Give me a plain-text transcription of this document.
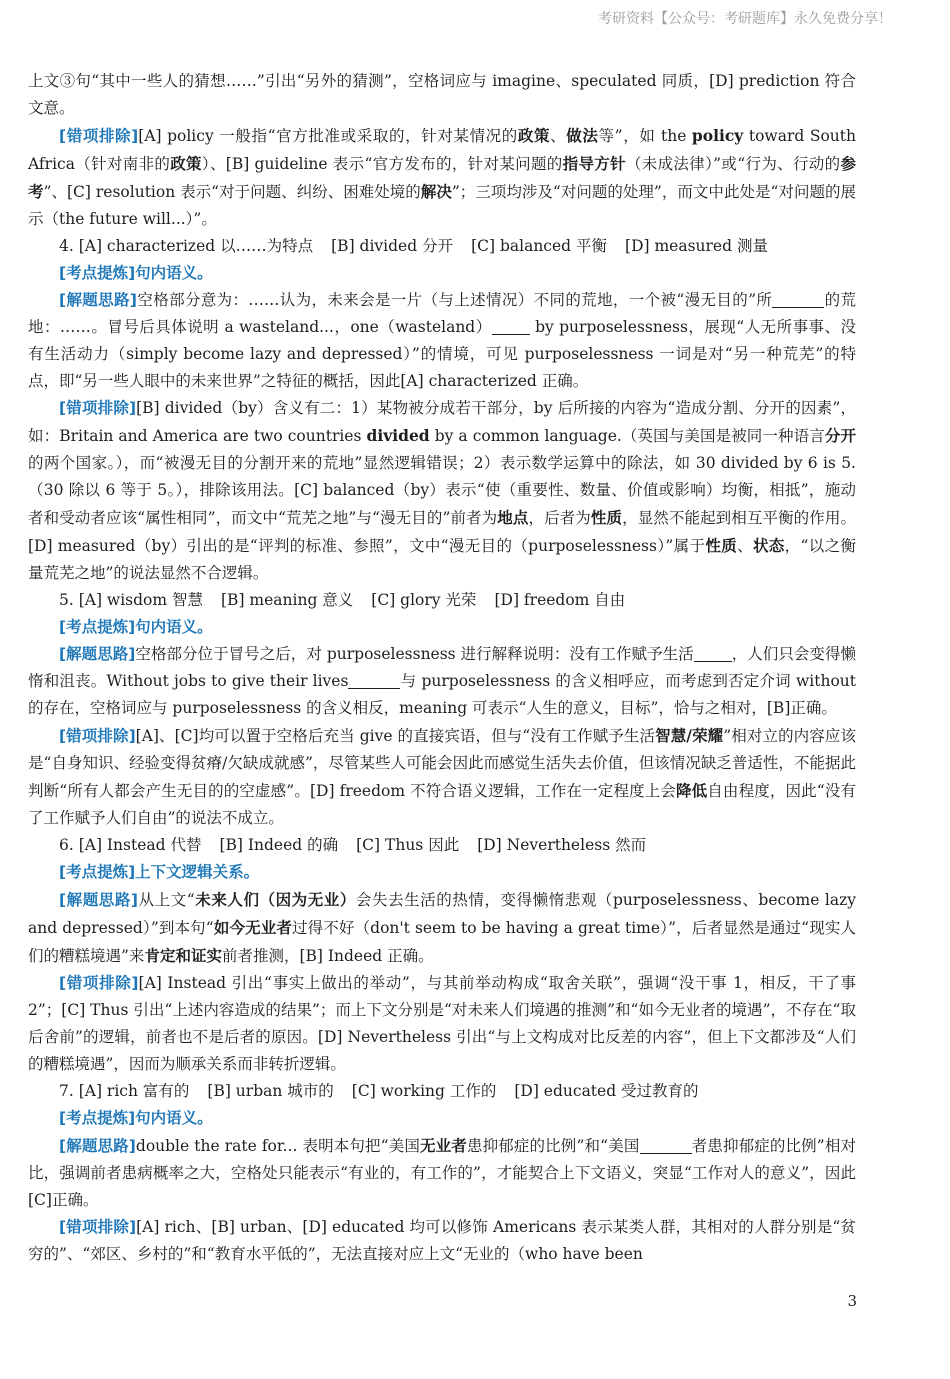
考研资料【公众号：考研题库】永久免费分享！

上文③句“其中一些人的猜想……”引出“另外的猜测”，空格词应与 imagine、speculated 同质，[D] prediction 符合文意。

[错项排除][A] policy 一般指“官方批准或采取的，针对某情况的政策、做法等”，如 the policy toward South Africa（针对南非的政策）、[B] guideline 表示“官方发布的，针对某问题的指导方针（未成法律）”或“行为、行动的参考”、[C] resolution 表示“对于问题、纠纷、困难处境的解决”；三项均涉及“对问题的处理”，而文中此处是“对问题的展示（the future will...）”。

4. [A] characterized 以……为特点 [B] divided 分开 [C] balanced 平衡 [D] measured 测量

[考点提炼]句内语义。

[解题思路]空格部分意为：……认为，未来会是一片（与上述情况）不同的荒地，一个被“漫无目的”所	的荒地：……。冒号后具体说明 a wasteland...，one（wasteland） by purposelessness，展现“人无所事事、没有生活动力（simply become lazy and depressed）”的情境，可见 purposelessness 一词是对“另一种荒芜”的特点，即“另一些人眼中的未来世界”之特征的概括，因此[A] characterized 正确。

[错项排除][B] divided（by）含义有二：1）某物被分成若干部分，by 后所接的内容为“造成分割、分开的因素”，如：Britain and America are two countries divided by a common language.（英国与美国是被同一种语言分开的两个国家。），而“被漫无目的分割开来的荒地”显然逻辑错误；2）表示数学运算中的除法，如 30 divided by 6 is 5.（30 除以 6 等于 5。），排除该用法。[C] balanced（by）表示“使（重要性、数量、价值或影响）均衡，相抵”，施动者和受动者应该“属性相同”，而文中“荒芜之地”与“漫无目的”前者为地点，后者为性质，显然不能起到相互平衡的作用。[D] measured（by）引出的是“评判的标准、参照”，文中“漫无目的（purposelessness）”属于性质、状态，“以之衡量荒芜之地”的说法显然不合逻辑。

5. [A] wisdom 智慧 [B] meaning 意义 [C] glory 光荣 [D] freedom 自由

[考点提炼]句内语义。

[解题思路]空格部分位于冒号之后，对 purposelessness 进行解释说明：没有工作赋予生活 ，人们只会变得懒惰和沮丧。Without jobs to give their lives	与 purposelessness 的含义相呼应，而考虑到否定介词 without 的存在，空格词应与 purposelessness 的含义相反，meaning 可表示“人生的意义，目标”，恰与之相对，[B]正确。

[错项排除][A]、[C]均可以置于空格后充当 give 的直接宾语，但与“没有工作赋予生活智慧/荣耀”相对立的内容应该是“自身知识、经验变得贫瘠/欠缺成就感”，尽管某些人可能会因此而感觉生活失去价值，但该情况缺乏普适性，不能据此判断“所有人都会产生无目的的空虚感”。[D] freedom 不符合语义逻辑，工作在一定程度上会降低自由程度，因此“没有了工作赋予人们自由”的说法不成立。

6. [A] Instead 代替 [B] Indeed 的确 [C] Thus 因此 [D] Nevertheless 然而

[考点提炼]上下文逻辑关系。

[解题思路]从上文“未来人们（因为无业）会失去生活的热情，变得懒惰悲观（purposelessness、become lazy and depressed）”到本句“如今无业者过得不好（don't seem to be having a great time）”，后者显然是通过“现实人们的糟糕境遇”来肯定和证实前者推测，[B] Indeed 正确。

[错项排除][A] Instead 引出“事实上做出的举动”，与其前举动构成“取舍关联”，强调“没干事 1，相反，干了事 2”；[C] Thus 引出“上述内容造成的结果”；而上下文分别是“对未来人们境遇的推测”和“如今无业者的境遇”，不存在“取后舍前”的逻辑，前者也不是后者的原因。[D] Nevertheless 引出“与上文构成对比反差的内容”，但上下文都涉及“人们的糟糕境遇”，因而为顺承关系而非转折逻辑。

7. [A] rich 富有的 [B] urban 城市的 [C] working 工作的 [D] educated 受过教育的

[考点提炼]句内语义。

[解题思路]double the rate for... 表明本句把“美国无业者患抑郁症的比例”和“美国	者患抑郁症的比例”相对比，强调前者患病概率之大，空格处只能表示“有业的，有工作的”，才能契合上下文语义，突显“工作对人的意义”，因此[C]正确。

[错项排除][A] rich、[B] urban、[D] educated 均可以修饰 Americans 表示某类人群，其相对的人群分别是“贫穷的”、“郊区、乡村的”和“教育水平低的”，无法直接对应上文“无业的（who have been

3
